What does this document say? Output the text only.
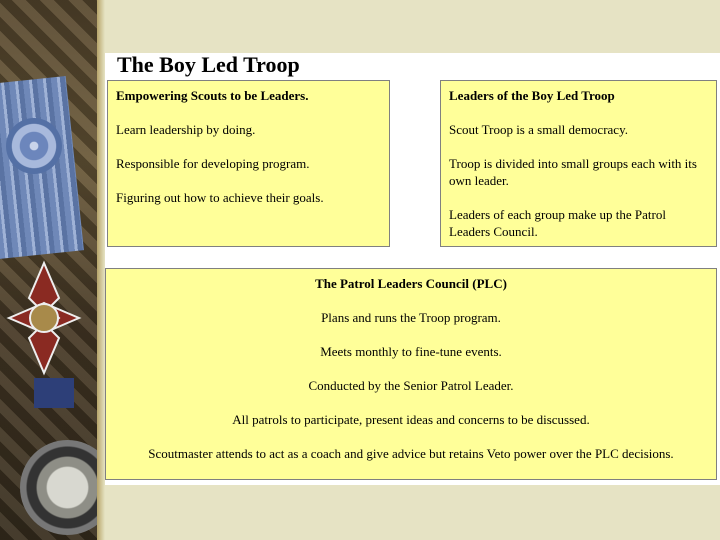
The Boy Led Troop
Empowering Scouts to be Leaders.

Learn leadership by doing.

Responsible for developing program.

Figuring out how to achieve their goals.

Leaders of the Boy Led Troop

Scout Troop is a small democracy.

Troop is divided into small groups each with its own leader.

Leaders of each group make up the Patrol Leaders Council.

The Patrol Leaders Council (PLC)

Plans and runs the Troop program.

Meets monthly to fine-tune events.

Conducted by the Senior Patrol Leader.

All patrols to participate, present ideas and concerns to be discussed.

Scoutmaster attends to act as a coach and give advice but retains Veto power over the PLC decisions.
